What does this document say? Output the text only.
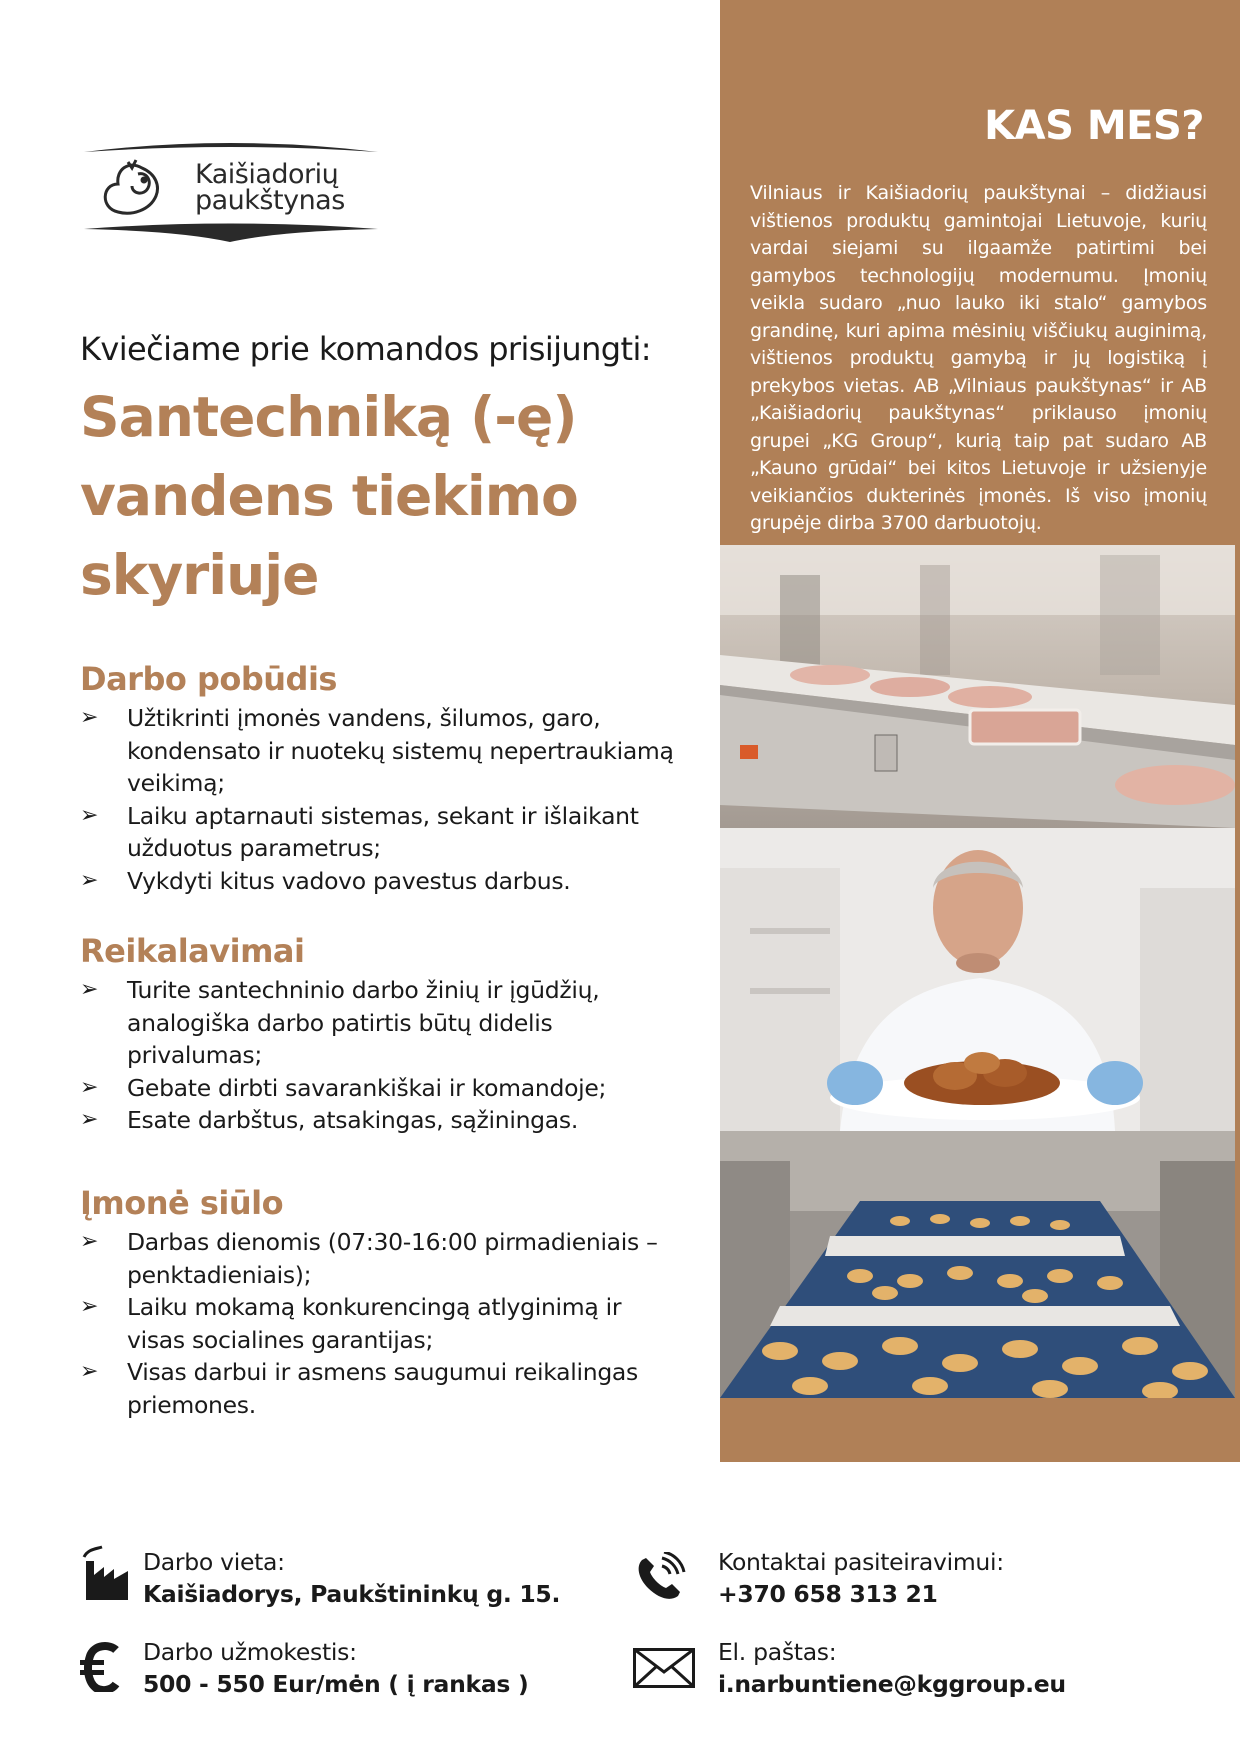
Kaišiadorių
paukštynas
Kviečiame prie komandos prisijungti:
Santechniką (-ę)
vandens tiekimo
skyriuje
Darbo pobūdis
➢ Užtikrinti įmonės vandens, šilumos, garo, kondensato ir nuotekų sistemų nepertraukiamą veikimą;
➢ Laiku aptarnauti sistemas, sekant ir išlaikant užduotus parametrus;
➢ Vykdyti kitus vadovo pavestus darbus.
Reikalavimai
➢ Turite santechninio darbo žinių ir įgūdžių, analogiška darbo patirtis būtų didelis privalumas;
➢ Gebate dirbti savarankiškai ir komandoje;
➢ Esate darbštus, atsakingas, sąžiningas.
Įmonė siūlo
➢ Darbas dienomis (07:30-16:00 pirmadieniais – penktadieniais);
➢ Laiku mokamą konkurencingą atlyginimą ir visas socialines garantijas;
➢ Visas darbui ir asmens saugumui reikalingas priemones.
KAS MES?
Vilniaus ir Kaišiadorių paukštynai – didžiausi vištienos produktų gamintojai Lietuvoje, kurių vardai siejami su ilgaamže patirtimi bei gamybos technologijų modernumu. Įmonių veikla sudaro „nuo lauko iki stalo“ gamybos grandinę, kuri apima mėsinių viščiukų auginimą, vištienos produktų gamybą ir jų logistiką į prekybos vietas. AB „Vilniaus paukštynas“ ir AB „Kaišiadorių paukštynas“ priklauso įmonių grupei „KG Group“, kurią taip pat sudaro AB „Kauno grūdai“ bei kitos Lietuvoje ir užsienyje veikiančios dukterinės įmonės. Iš viso įmonių grupėje dirba 3700 darbuotojų.
Darbo vieta:
Kaišiadorys, Paukštininkų g. 15.
Darbo užmokestis:
500 - 550 Eur/mėn ( į rankas )
Kontaktai pasiteiravimui:
+370 658 313 21
El. paštas:
i.narbuntiene@kggroup.eu
